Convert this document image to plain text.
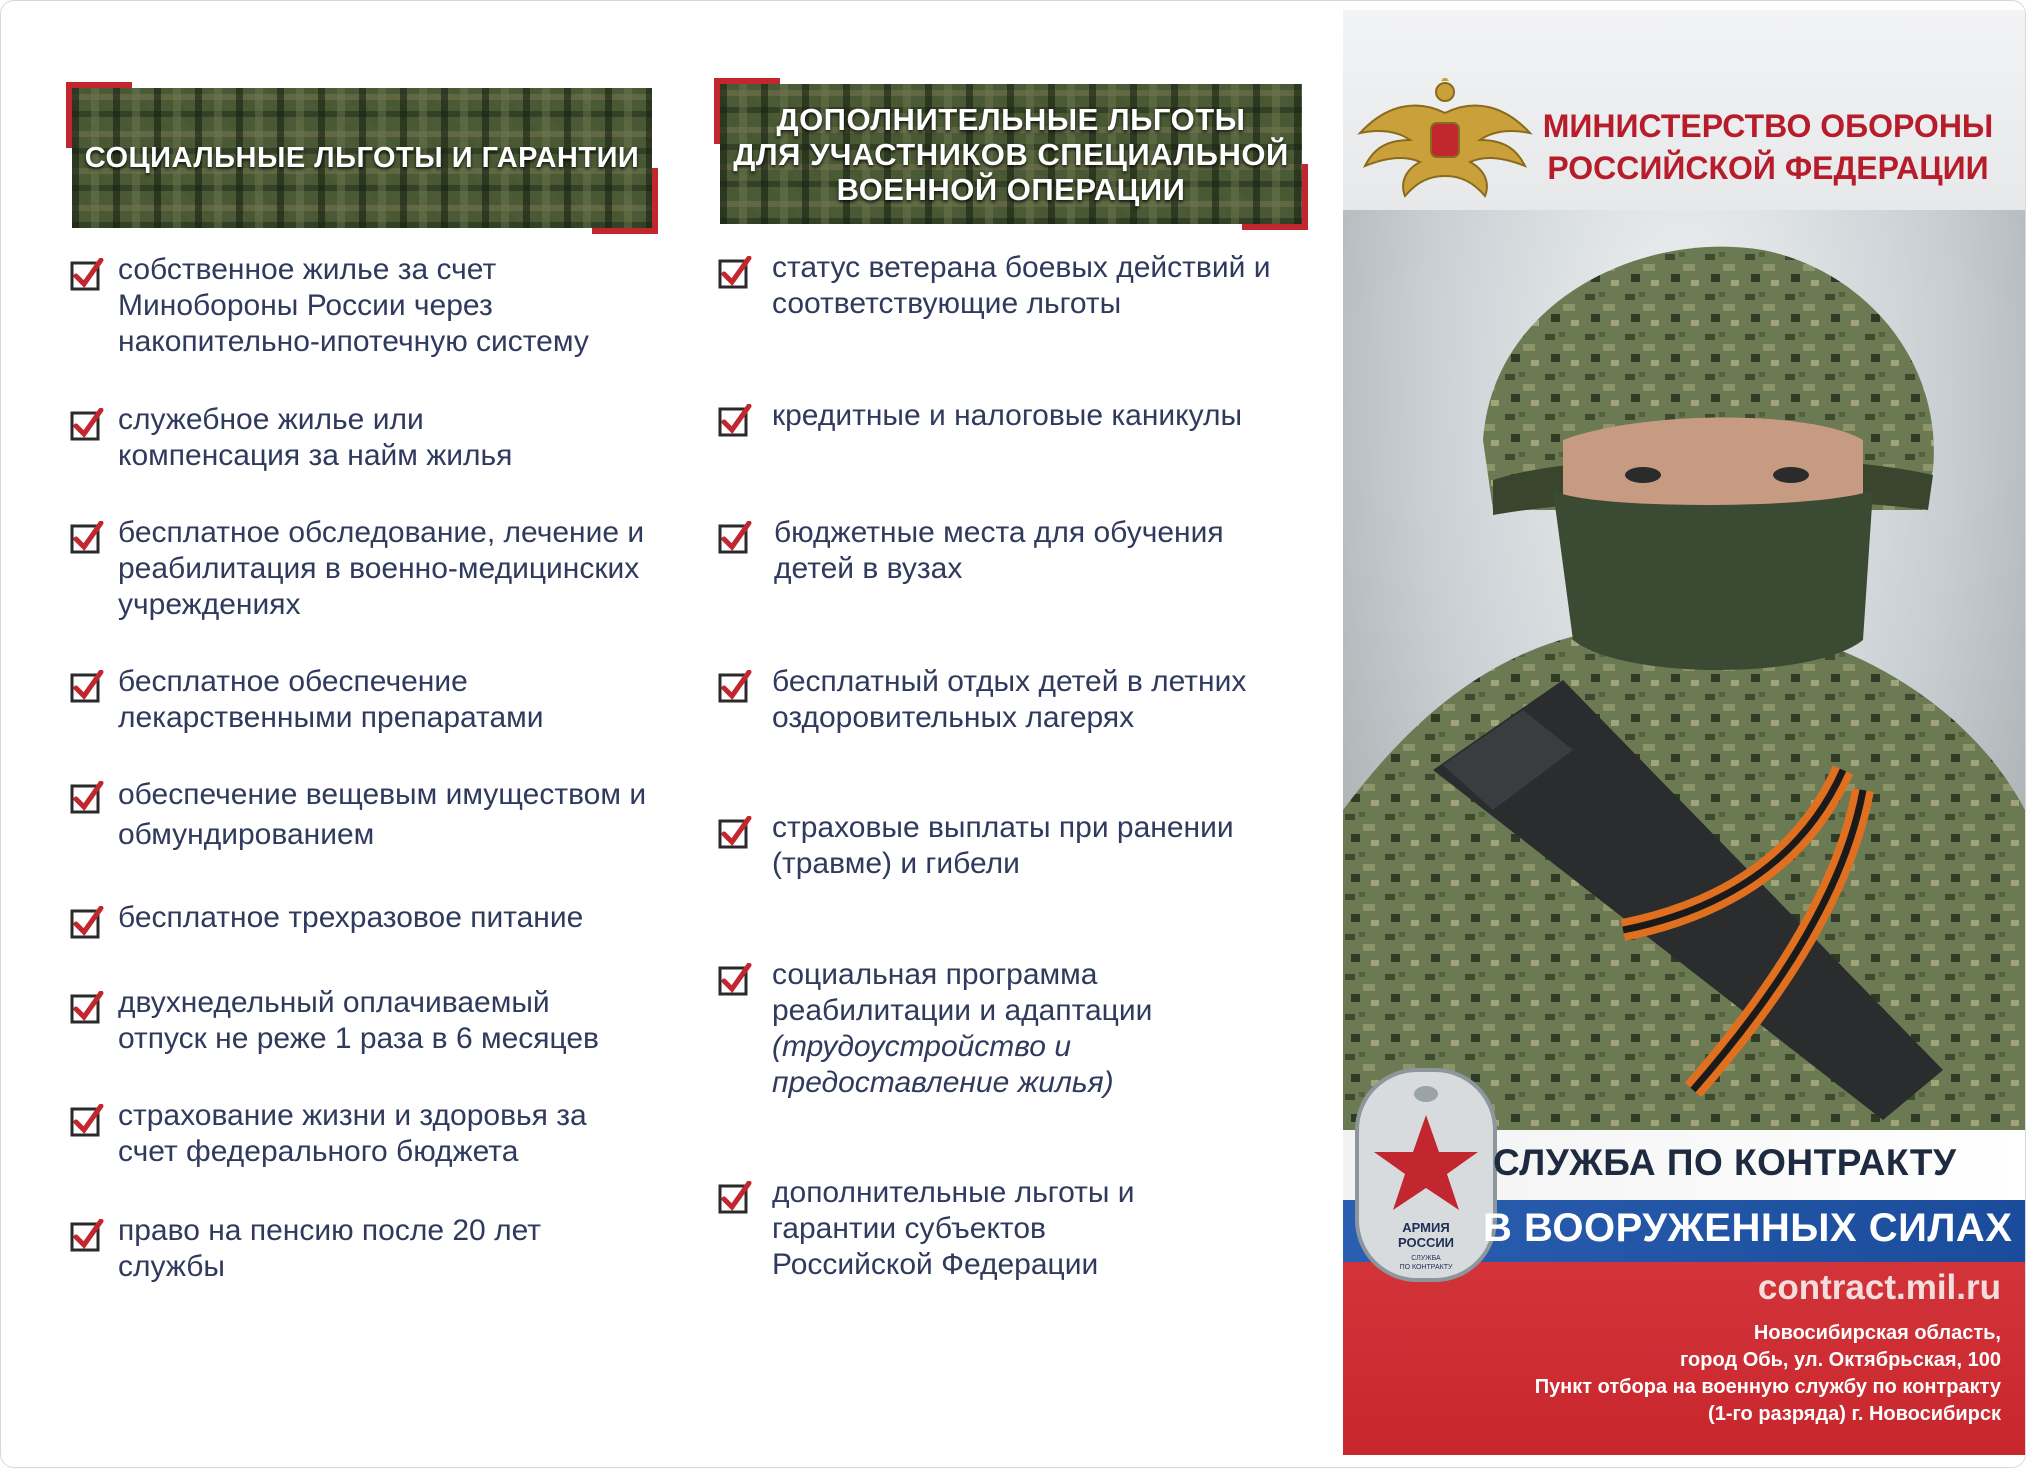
СОЦИАЛЬНЫЕ ЛЬГОТЫ И ГАРАНТИИ
собственное жилье за счет Минобороны России через накопительно-ипотечную систему
служебное жилье или компенсация за найм жилья
бесплатное обследование, лечение и реабилитация в военно-медицинских учреждениях
бесплатное обеспечение лекарственными препаратами
обеспечение вещевым имуществом и обмундированием
бесплатное трехразовое питание
двухнедельный оплачиваемый отпуск не реже 1 раза в 6 месяцев
страхование жизни и здоровья за счет федерального бюджета
право на пенсию после 20 лет службы
ДОПОЛНИТЕЛЬНЫЕ ЛЬГОТЫ
ДЛЯ УЧАСТНИКОВ СПЕЦИАЛЬНОЙ
ВОЕННОЙ ОПЕРАЦИИ
статус ветерана боевых действий и соответствующие льготы
кредитные и налоговые каникулы
бюджетные места для обучения детей в вузах
бесплатный отдых детей в летних оздоровительных лагерях
страховые выплаты при ранении (травме) и гибели
социальная программа реабилитации и адаптации
(трудоустройство и предоставление жилья)
дополнительные льготы и гарантии субъектов Российской Федерации
МИНИСТЕРСТВО ОБОРОНЫ
РОССИЙСКОЙ ФЕДЕРАЦИИ
АРМИЯ
РОССИИ
СЛУЖБА
ПО КОНТРАКТУ
СЛУЖБА ПО КОНТРАКТУ
В ВООРУЖЕННЫХ СИЛАХ
contract.mil.ru
Новосибирская область,
город Обь, ул. Октябрьская, 100
Пункт отбора на военную службу по контракту
(1-го разряда) г. Новосибирск
